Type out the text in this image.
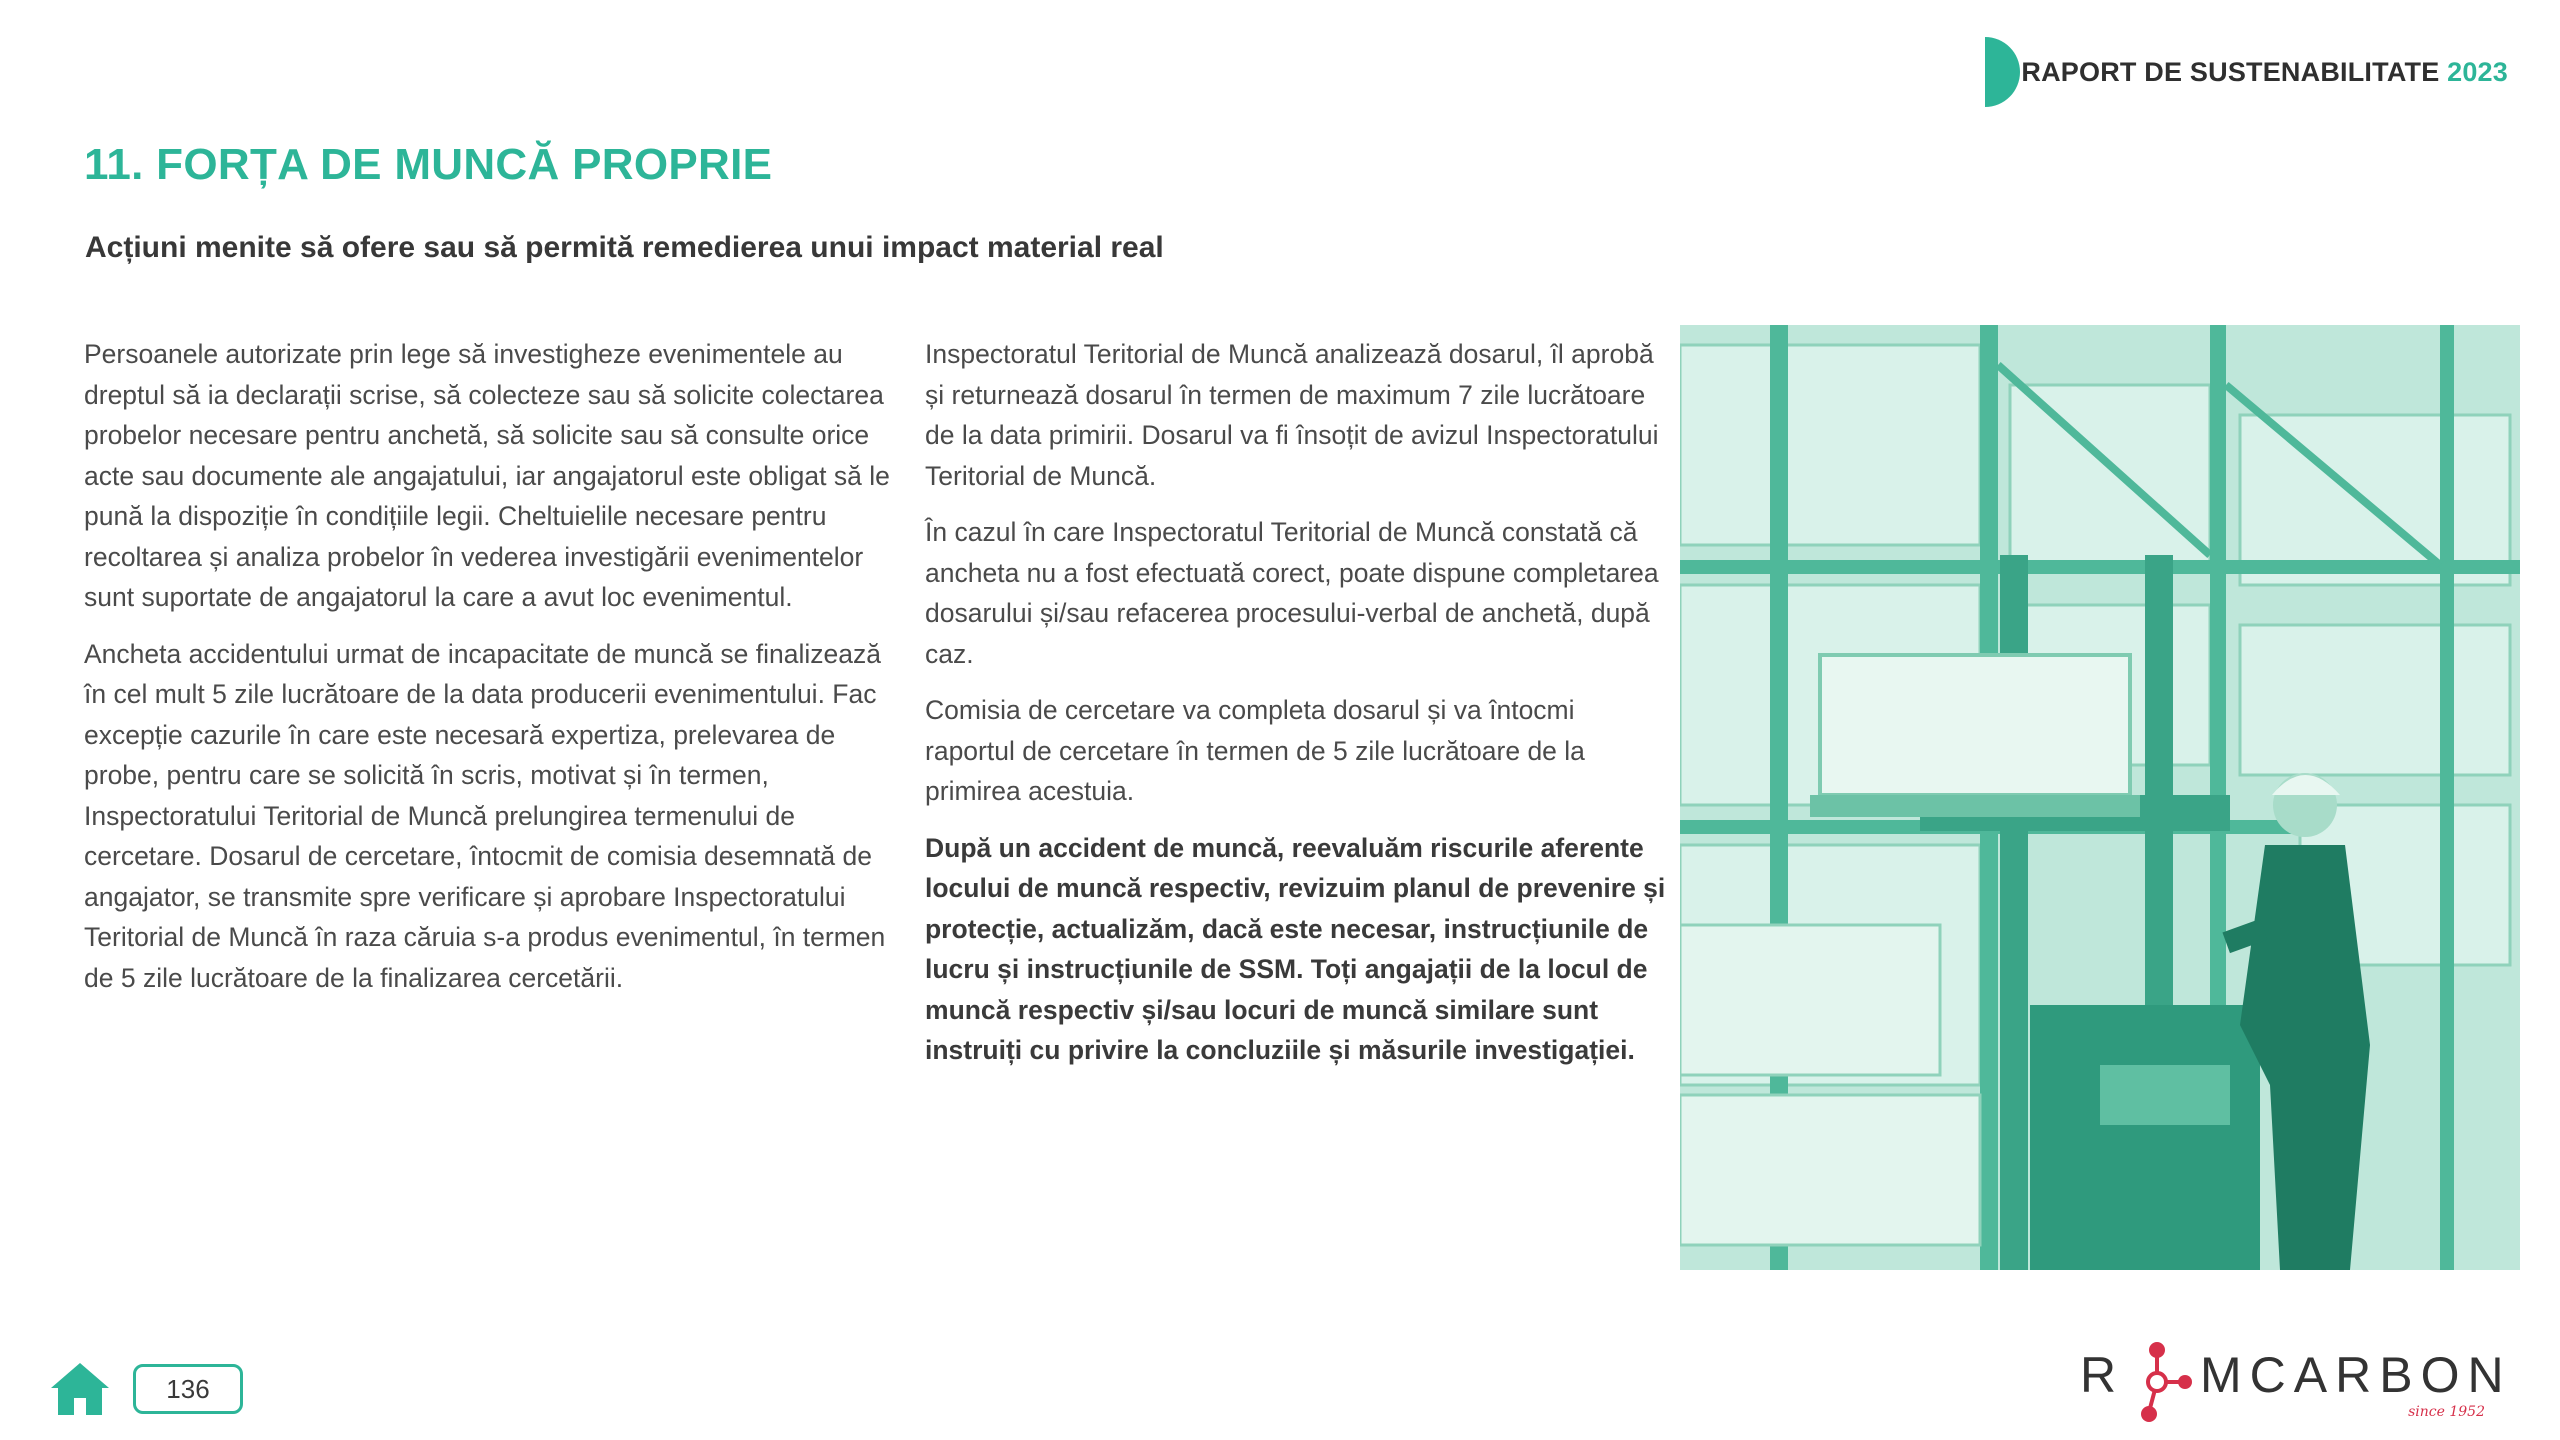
RAPORT DE SUSTENABILITATE 2023
11. FORȚA DE MUNCĂ PROPRIE
Acțiuni menite să ofere sau să permită remedierea unui impact material real

Persoanele autorizate prin lege să investigheze evenimentele au dreptul să ia declarații scrise, să colecteze sau să solicite colectarea probelor necesare pentru anchetă, să solicite sau să consulte orice acte sau documente ale angajatului, iar angajatorul este obligat să le pună la dispoziție în condițiile legii. Cheltuielile necesare pentru recoltarea și analiza probelor în vederea investigării evenimentelor sunt suportate de angajatorul la care a avut loc evenimentul.

Ancheta accidentului urmat de incapacitate de muncă se finalizează în cel mult 5 zile lucrătoare de la data producerii evenimentului. Fac excepție cazurile în care este necesară expertiza, prelevarea de probe, pentru care se solicită în scris, motivat și în termen, Inspectoratului Teritorial de Muncă prelungirea termenului de cercetare. Dosarul de cercetare, întocmit de comisia desemnată de angajator, se transmite spre verificare și aprobare Inspectoratului Teritorial de Muncă în raza căruia s-a produs evenimentul, în termen de 5 zile lucrătoare de la finalizarea cercetării.

Inspectoratul Teritorial de Muncă analizează dosarul, îl aprobă și returnează dosarul în termen de maximum 7 zile lucrătoare de la data primirii. Dosarul va fi însoțit de avizul Inspectoratului Teritorial de Muncă.

În cazul în care Inspectoratul Teritorial de Muncă constată că ancheta nu a fost efectuată corect, poate dispune completarea dosarului și/sau refacerea procesului-verbal de anchetă, după caz.

Comisia de cercetare va completa dosarul și va întocmi raportul de cercetare în termen de 5 zile lucrătoare de la primirea acestuia.

După un accident de muncă, reevaluăm riscurile aferente locului de muncă respectiv, revizuim planul de prevenire și protecție, actualizăm, dacă este necesar, instrucțiunile de lucru și instrucțiunile de SSM. Toți angajații de la locul de muncă respectiv și/sau locuri de muncă similare sunt instruiți cu privire la concluziile și măsurile investigației.

136	R MCARBON
since 1952
